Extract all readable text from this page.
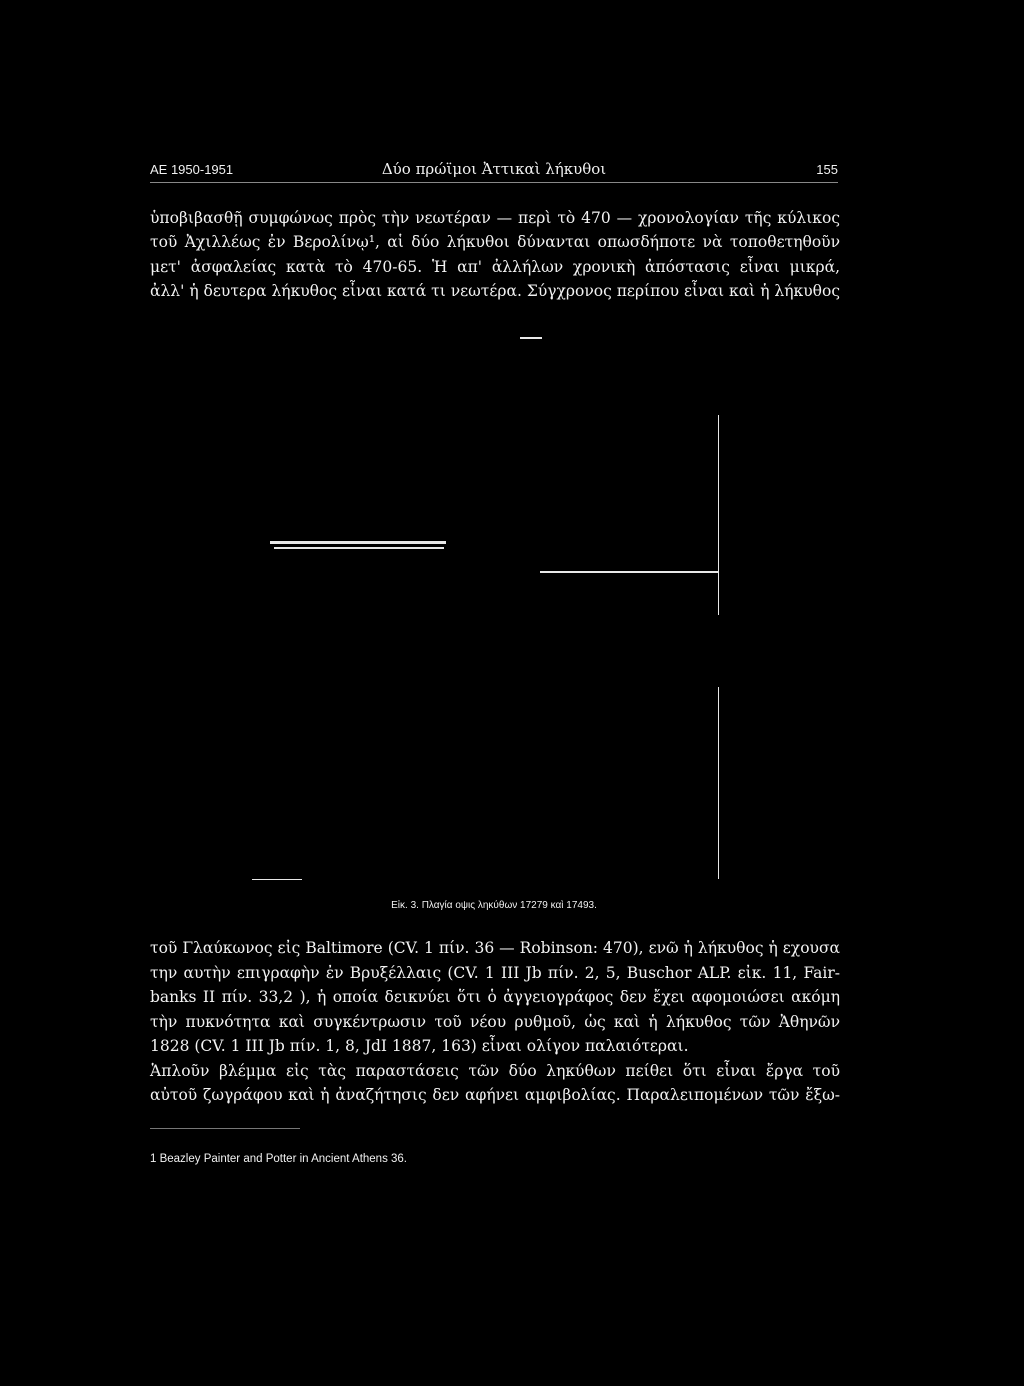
ΑΕ 1950-1951	Δύο πρώϊμοι Ἀττικαὶ λήκυθοι	155
ὑποβιβασθῇ συμφώνως πρὸς τὴν νεωτέραν — περὶ τὸ 470 — χρονολογίαν τῆς κύλικος
τοῦ Ἀχιλλέως ἐν Βερολίνῳ¹, αἱ δύο λήκυθοι δύνανται οπωσδήποτε νὰ τοποθετηθοῦν
μετ' ἀσφαλείας κατὰ τὸ 470-65. Ἡ απ' ἀλλήλων χρονικὴ ἀπόστασις εἶναι μικρά,
ἀλλ' ἡ δευτερα λήκυθος εἶναι κατά τι νεωτέρα. Σύγχρονος περίπου εἶναι καὶ ἡ λήκυθος
Εἰκ. 3. Πλαγία οψις ληκύθων 17279 καὶ 17493.
τοῦ Γλαύκωνος εἰς Baltimore (CV. 1 πίν. 36 — Robinson: 470), ενῶ ἡ λήκυθος ἡ εχουσα
την αυτὴν επιγραφὴν ἐν Βρυξέλλαις (CV. 1 III Jb πίν. 2, 5, Buschor ALP. εἰκ. 11, Fair-
banks II πίν. 33,2 ), ἡ οποία δεικνύει ὅτι ὁ ἀγγειογράφος δεν ἔχει αφομοιώσει ακόμη
τὴν πυκνότητα καὶ συγκέντρωσιν τοῦ νέου ρυθμοῦ, ὡς καὶ ἡ λήκυθος τῶν Ἀθηνῶν
1828 (CV. 1 III Jb πίν. 1, 8, JdI 1887, 163) εἶναι ολίγον παλαιότεραι.
Ἁπλοῦν βλέμμα εἰς τὰς παραστάσεις τῶν δύο ληκύθων πείθει ὅτι εἶναι ἔργα τοῦ
αὐτοῦ ζωγράφου καὶ ἡ ἀναζήτησις δεν αφήνει αμφιβολίας. Παραλειπομένων τῶν ἔξω-
1 Beazley Painter and Potter in Ancient Athens 36.
